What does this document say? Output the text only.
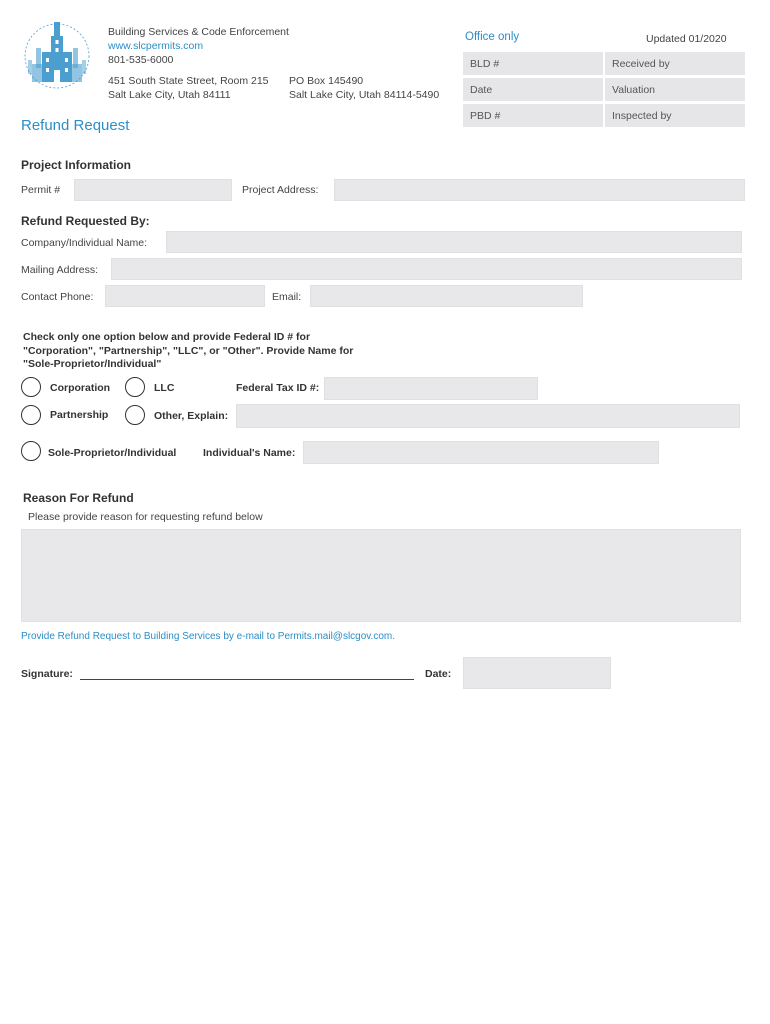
Building Services & Code Enforcement
www.slcpermits.com
801-535-6000
451 South State Street, Room 215
Salt Lake City, Utah 84111
PO Box 145490
Salt Lake City, Utah 84114-5490
Office only	Updated 01/2020
BLD #	Received by
Date	Valuation
PBD #	Inspected by
Refund Request
Project Information
Permit #	Project Address:
Refund Requested By:
Company/Individual Name:
Mailing Address:
Contact Phone:	Email:
Check only one option below and provide Federal ID # for "Corporation", "Partnership", "LLC", or "Other". Provide Name for "Sole-Proprietor/Individual"
Corporation	LLC	Federal Tax ID #:
Partnership	Other, Explain:
Sole-Proprietor/Individual	Individual's Name:
Reason For Refund
Please provide reason for requesting refund below
Provide Refund Request to Building Services by e-mail to Permits.mail@slcgov.com.
Signature:	Date:
